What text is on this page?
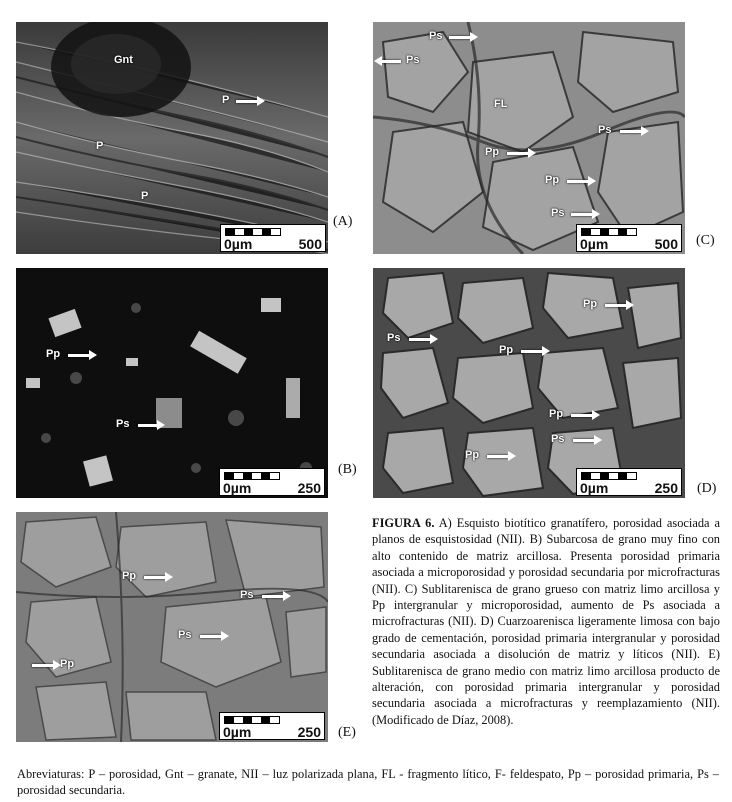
Gnt
P
P
P
0µm	500
(A)
Ps
Ps
FL
Ps
Pp
Pp
Ps
0µm	500 (C)
Pp
Ps
0µm	250
(B)
Pp
Ps
Pp
Pp
Ps
Pp
0µm	250 (D)
Pp
Ps
Ps
Pp
0µm	250 (E)
FIGURA 6. A) Esquisto biotítico granatífero, porosidad asociada a planos de esquistosidad (NII). B) Subarcosa de grano muy fino con alto contenido de matriz arcillosa. Presenta porosidad primaria asociada a microporosidad y porosidad secundaria por microfracturas (NII). C) Sublitarenisca de grano grueso con matriz limo arcillosa y Pp intergranular y microporosidad, aumento de Ps asociada a microfracturas (NII). D) Cuarzoarenisca ligeramente limosa con bajo grado de cementación, porosidad primaria intergranular y porosidad secundaria asociada a disolución de matriz y líticos (NII). E) Sublitarenisca de grano medio con matriz limo arcillosa producto de alteración, con porosidad primaria intergranular y porosidad secundaria asociada a microfracturas y reemplazamiento (NII). (Modificado de Díaz, 2008).
Abreviaturas: P – porosidad, Gnt – granate, NII – luz polarizada plana, FL - fragmento lítico, F- feldespato, Pp – porosidad primaria, Ps – porosidad secundaria.
